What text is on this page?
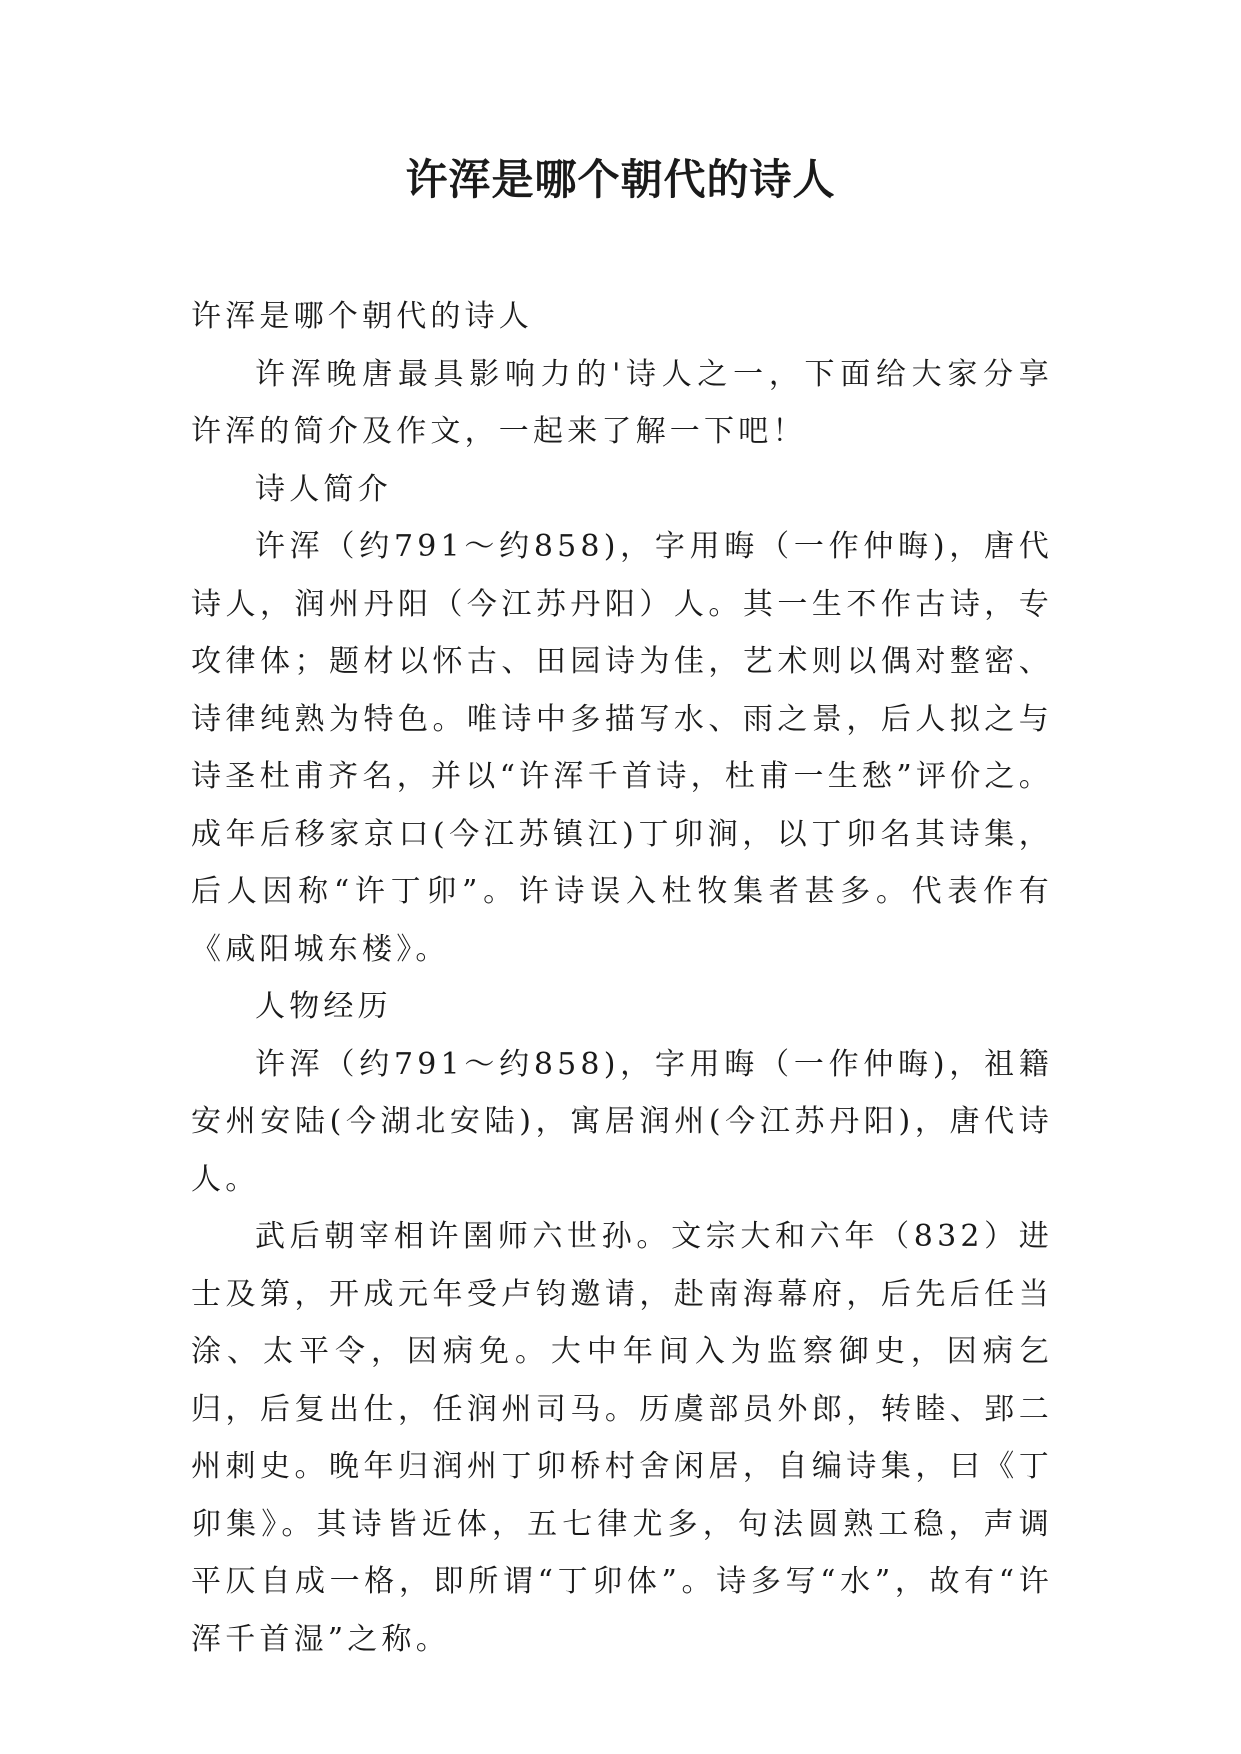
许浑是哪个朝代的诗人

许浑是哪个朝代的诗人

许浑晚唐最具影响力的'诗人之一，下面给大家分享许浑的简介及作文，一起来了解一下吧！

诗人简介

许浑（约791～约858)，字用晦（一作仲晦)，唐代诗人，润州丹阳（今江苏丹阳）人。其一生不作古诗，专攻律体；题材以怀古、田园诗为佳，艺术则以偶对整密、诗律纯熟为特色。唯诗中多描写水、雨之景，后人拟之与诗圣杜甫齐名，并以“许浑千首诗，杜甫一生愁”评价之。成年后移家京口(今江苏镇江)丁卯涧，以丁卯名其诗集，后人因称“许丁卯”。许诗误入杜牧集者甚多。代表作有《咸阳城东楼》。

人物经历

许浑（约791～约858)，字用晦（一作仲晦)，祖籍安州安陆(今湖北安陆)，寓居润州(今江苏丹阳)，唐代诗人。

武后朝宰相许圉师六世孙。文宗大和六年（832）进士及第，开成元年受卢钧邀请，赴南海幕府，后先后任当涂、太平令，因病免。大中年间入为监察御史，因病乞归，后复出仕，任润州司马。历虞部员外郎，转睦、郢二州刺史。晚年归润州丁卯桥村舍闲居，自编诗集，曰《丁卯集》。其诗皆近体，五七律尤多，句法圆熟工稳，声调平仄自成一格，即所谓“丁卯体”。诗多写“水”，故有“许浑千首湿”之称。
